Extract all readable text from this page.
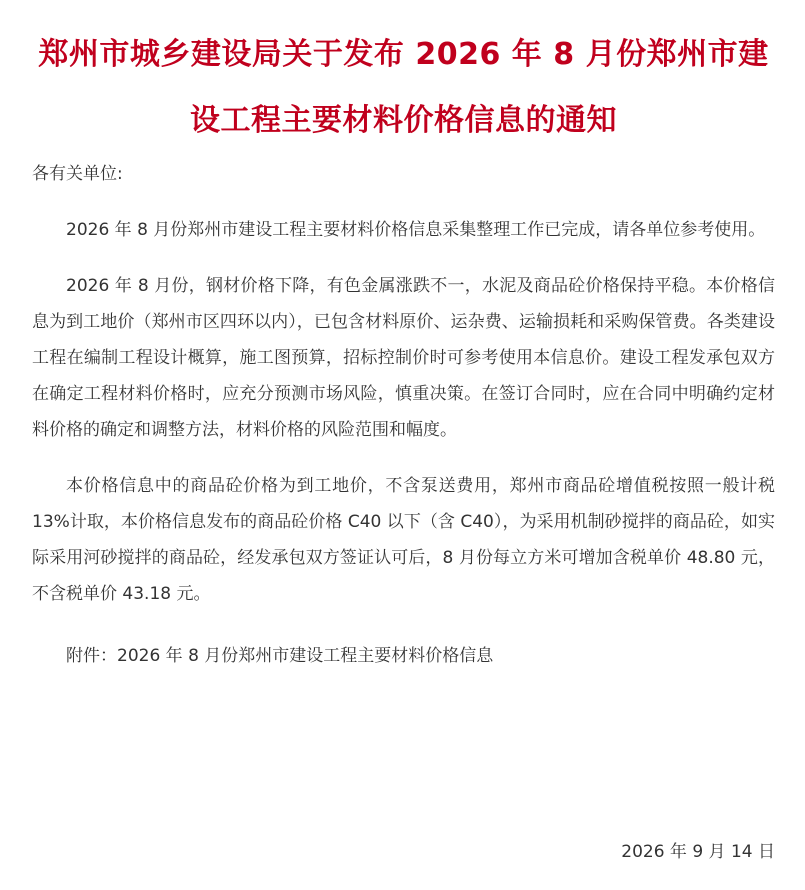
郑州市城乡建设局关于发布 2026 年 8 月份郑州市建
设工程主要材料价格信息的通知

各有关单位:

2026 年 8 月份郑州市建设工程主要材料价格信息采集整理工作已完成，请各单位参考使用。

2026 年 8 月份，钢材价格下降，有色金属涨跌不一，水泥及商品砼价格保持平稳。本价格信息为到工地价（郑州市区四环以内），已包含材料原价、运杂费、运输损耗和采购保管费。各类建设工程在编制工程设计概算，施工图预算，招标控制价时可参考使用本信息价。建设工程发承包双方在确定工程材料价格时，应充分预测市场风险，慎重决策。在签订合同时，应在合同中明确约定材料价格的确定和调整方法，材料价格的风险范围和幅度。

本价格信息中的商品砼价格为到工地价，不含泵送费用，郑州市商品砼增值税按照一般计税 13%计取，本价格信息发布的商品砼价格 C40 以下（含 C40），为采用机制砂搅拌的商品砼，如实际采用河砂搅拌的商品砼，经发承包双方签证认可后，8 月份每立方米可增加含税单价 48.80 元，不含税单价 43.18 元。

附件：2026 年 8 月份郑州市建设工程主要材料价格信息

2026 年 9 月 14 日
